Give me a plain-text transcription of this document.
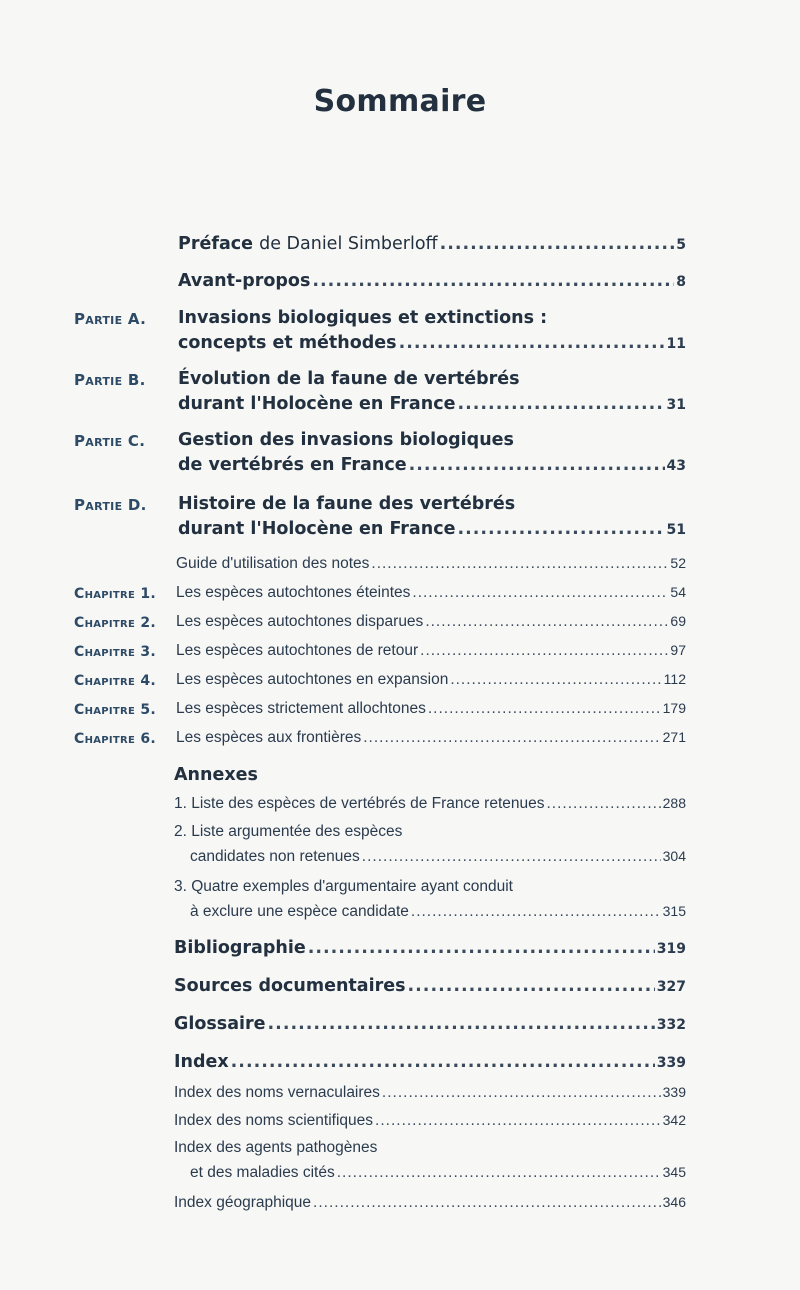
Sommaire
Préface de Daniel Simberloff .....	5
Avant-propos .....	8
Partie A. Invasions biologiques et extinctions :
concepts et méthodes .....	11
Partie B. Évolution de la faune de vertébrés
durant l'Holocène en France .....	31
Partie C. Gestion des invasions biologiques
de vertébrés en France .....	43
Partie D. Histoire de la faune des vertébrés
durant l'Holocène en France .....	51
Guide d'utilisation des notes .....	52
Chapitre 1. Les espèces autochtones éteintes .....	54
Chapitre 2. Les espèces autochtones disparues .....	69
Chapitre 3. Les espèces autochtones de retour .....	97
Chapitre 4. Les espèces autochtones en expansion .....	112
Chapitre 5. Les espèces strictement allochtones .....	179
Chapitre 6. Les espèces aux frontières .....	271
Annexes
1. Liste des espèces de vertébrés de France retenues .....	288
2. Liste argumentée des espèces
candidates non retenues .....	304
3. Quatre exemples d'argumentaire ayant conduit
à exclure une espèce candidate .....	315
Bibliographie .....	319
Sources documentaires .....	327
Glossaire .....	332
Index .....	339
Index des noms vernaculaires .....	339
Index des noms scientifiques .....	342
Index des agents pathogènes
et des maladies cités .....	345
Index géographique .....	346
